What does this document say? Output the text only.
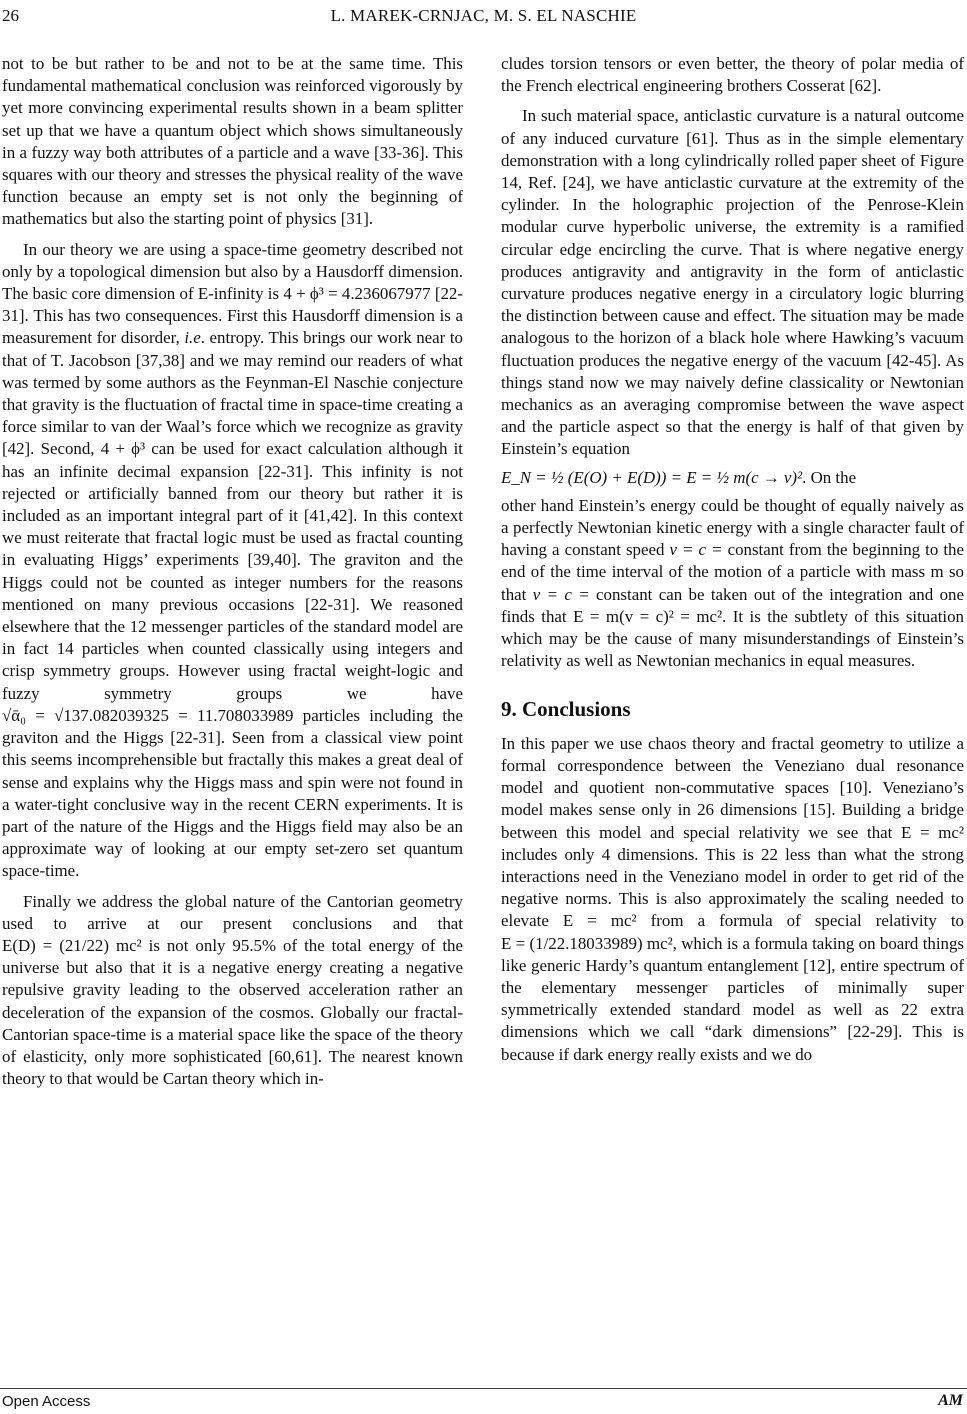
26	L. MAREK-CRNJAC, M. S. EL NASCHIE

not to be but rather to be and not to be at the same time. This fundamental mathematical conclusion was reinforced vigorously by yet more convincing experimental results shown in a beam splitter set up that we have a quantum object which shows simultaneously in a fuzzy way both attributes of a particle and a wave [33-36]. This squares with our theory and stresses the physical reality of the wave function because an empty set is not only the beginning of mathematics but also the starting point of physics [31].

In our theory we are using a space-time geometry described not only by a topological dimension but also by a Hausdorff dimension. The basic core dimension of E-infinity is 4 + ϕ³ = 4.236067977 [22-31]. This has two consequences. First this Hausdorff dimension is a measurement for disorder, i.e. entropy. This brings our work near to that of T. Jacobson [37,38] and we may remind our readers of what was termed by some authors as the Feynman-El Naschie conjecture that gravity is the fluctuation of fractal time in space-time creating a force similar to van der Waal’s force which we recognize as gravity [42]. Second, 4 + ϕ³ can be used for exact calculation although it has an infinite decimal expansion [22-31]. This infinity is not rejected or artificially banned from our theory but rather it is included as an important integral part of it [41,42]. In this context we must reiterate that fractal logic must be used as fractal counting in evaluating Higgs’ experiments [39,40]. The graviton and the Higgs could not be counted as integer numbers for the reasons mentioned on many previous occasions [22-31]. We reasoned elsewhere that the 12 messenger particles of the standard model are in fact 14 particles when counted classically using integers and crisp symmetry groups. However using fractal weight-logic and fuzzy symmetry groups we have √ᾱ₀ = √137.082039325 = 11.708033989 particles including the graviton and the Higgs [22-31]. Seen from a classical view point this seems incomprehensible but fractally this makes a great deal of sense and explains why the Higgs mass and spin were not found in a water-tight conclusive way in the recent CERN experiments. It is part of the nature of the Higgs and the Higgs field may also be an approximate way of looking at our empty set-zero set quantum space-time.

Finally we address the global nature of the Cantorian geometry used to arrive at our present conclusions and that E(D) = (21/22) mc² is not only 95.5% of the total energy of the universe but also that it is a negative energy creating a negative repulsive gravity leading to the observed acceleration rather an deceleration of the expansion of the cosmos. Globally our fractal-Cantorian space-time is a material space like the space of the theory of elasticity, only more sophisticated [60,61]. The nearest known theory to that would be Cartan theory which in-

cludes torsion tensors or even better, the theory of polar media of the French electrical engineering brothers Cosserat [62].

In such material space, anticlastic curvature is a natural outcome of any induced curvature [61]. Thus as in the simple elementary demonstration with a long cylindrically rolled paper sheet of Figure 14, Ref. [24], we have anticlastic curvature at the extremity of the cylinder. In the holographic projection of the Penrose-Klein modular curve hyperbolic universe, the extremity is a ramified circular edge encircling the curve. That is where negative energy produces antigravity and antigravity in the form of anticlastic curvature produces negative energy in a circulatory logic blurring the distinction between cause and effect. The situation may be made analogous to the horizon of a black hole where Hawking’s vacuum fluctuation produces the negative energy of the vacuum [42-45]. As things stand now we may naively define classicality or Newtonian mechanics as an averaging compromise between the wave aspect and the particle aspect so that the energy is half of that given by Einstein’s equation

E_N = ½ (E(O) + E(D)) = E = ½ m(c → v)². On the

other hand Einstein’s energy could be thought of equally naively as a perfectly Newtonian kinetic energy with a single character fault of having a constant speed v = c = constant from the beginning to the end of the time interval of the motion of a particle with mass m so that v = c = constant can be taken out of the integration and one finds that E = m(v = c)² = mc². It is the subtlety of this situation which may be the cause of many misunderstandings of Einstein’s relativity as well as Newtonian mechanics in equal measures.

9. Conclusions

In this paper we use chaos theory and fractal geometry to utilize a formal correspondence between the Veneziano dual resonance model and quotient non-commutative spaces [10]. Veneziano’s model makes sense only in 26 dimensions [15]. Building a bridge between this model and special relativity we see that E = mc² includes only 4 dimensions. This is 22 less than what the strong interactions need in the Veneziano model in order to get rid of the negative norms. This is also approximately the scaling needed to elevate E = mc² from a formula of special relativity to E = (1/22.18033989) mc², which is a formula taking on board things like generic Hardy’s quantum entanglement [12], entire spectrum of the elementary messenger particles of minimally super symmetrically extended standard model as well as 22 extra dimensions which we call “dark dimensions” [22-29]. This is because if dark energy really exists and we do

Open Access	AM
